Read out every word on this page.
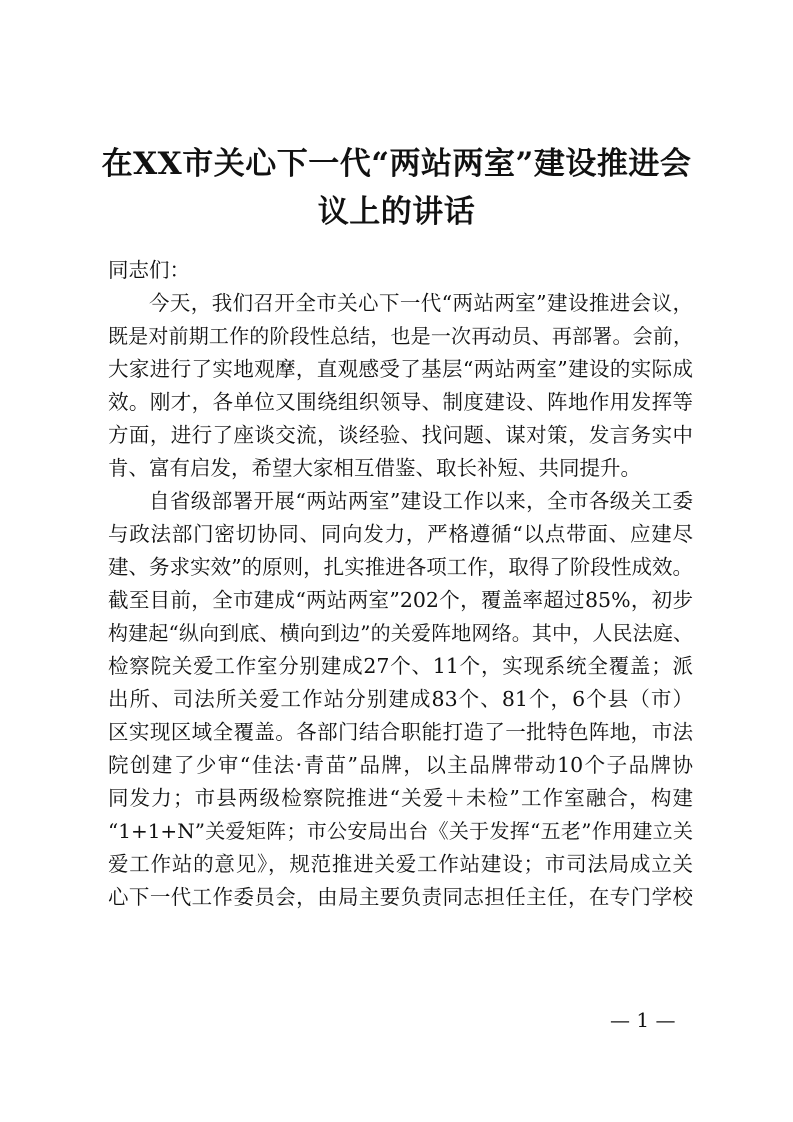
在XX市关心下一代“两站两室”建设推进会
议上的讲话
同志们：
今天，我们召开全市关心下一代“两站两室”建设推进会议，
既是对前期工作的阶段性总结，也是一次再动员、再部署。会前，
大家进行了实地观摩，直观感受了基层“两站两室”建设的实际成
效。刚才，各单位又围绕组织领导、制度建设、阵地作用发挥等
方面，进行了座谈交流，谈经验、找问题、谋对策，发言务实中
肯、富有启发，希望大家相互借鉴、取长补短、共同提升。
自省级部署开展“两站两室”建设工作以来，全市各级关工委
与政法部门密切协同、同向发力，严格遵循“以点带面、应建尽
建、务求实效”的原则，扎实推进各项工作，取得了阶段性成效。
截至目前，全市建成“两站两室”202个，覆盖率超过85%，初步
构建起“纵向到底、横向到边”的关爱阵地网络。其中，人民法庭、
检察院关爱工作室分别建成27个、11个，实现系统全覆盖；派
出所、司法所关爱工作站分别建成83个、81个，6个县（市）
区实现区域全覆盖。各部门结合职能打造了一批特色阵地，市法
院创建了少审“佳法·青苗”品牌，以主品牌带动10个子品牌协
同发力；市县两级检察院推进“关爱＋未检”工作室融合，构建
“1+1+N”关爱矩阵；市公安局出台《关于发挥“五老”作用建立关
爱工作站的意见》，规范推进关爱工作站建设；市司法局成立关
心下一代工作委员会，由局主要负责同志担任主任，在专门学校
— 1 —
